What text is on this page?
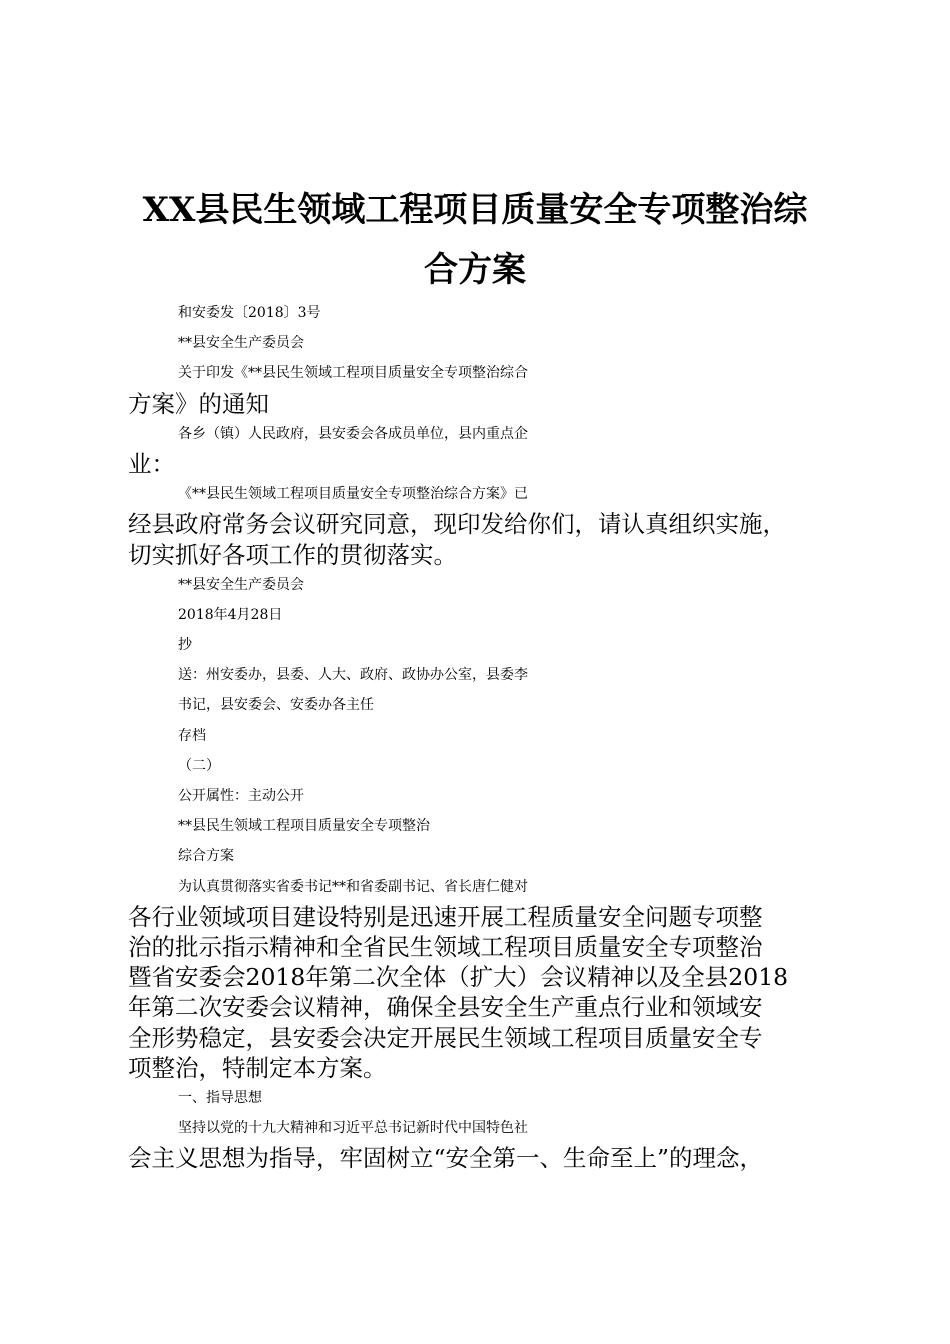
XX县民生领域工程项目质量安全专项整治综
合方案
和安委发〔2018〕3号
**县安全生产委员会
关于印发《**县民生领域工程项目质量安全专项整治综合
方案》的通知
各乡（镇）人民政府，县安委会各成员单位，县内重点企
业：
《**县民生领域工程项目质量安全专项整治综合方案》已
经县政府常务会议研究同意，现印发给你们，请认真组织实施，
切实抓好各项工作的贯彻落实。
**县安全生产委员会
2018年4月28日
抄
送：州安委办，县委、人大、政府、政协办公室，县委李
书记，县安委会、安委办各主任
存档
（二）
公开属性：主动公开
**县民生领域工程项目质量安全专项整治
综合方案
为认真贯彻落实省委书记**和省委副书记、省长唐仁健对
各行业领域项目建设特别是迅速开展工程质量安全问题专项整
治的批示指示精神和全省民生领域工程项目质量安全专项整治
暨省安委会2018年第二次全体（扩大）会议精神以及全县2018
年第二次安委会议精神，确保全县安全生产重点行业和领域安
全形势稳定，县安委会决定开展民生领域工程项目质量安全专
项整治，特制定本方案。
一、指导思想
坚持以党的十九大精神和习近平总书记新时代中国特色社
会主义思想为指导，牢固树立“安全第一、生命至上”的理念，
